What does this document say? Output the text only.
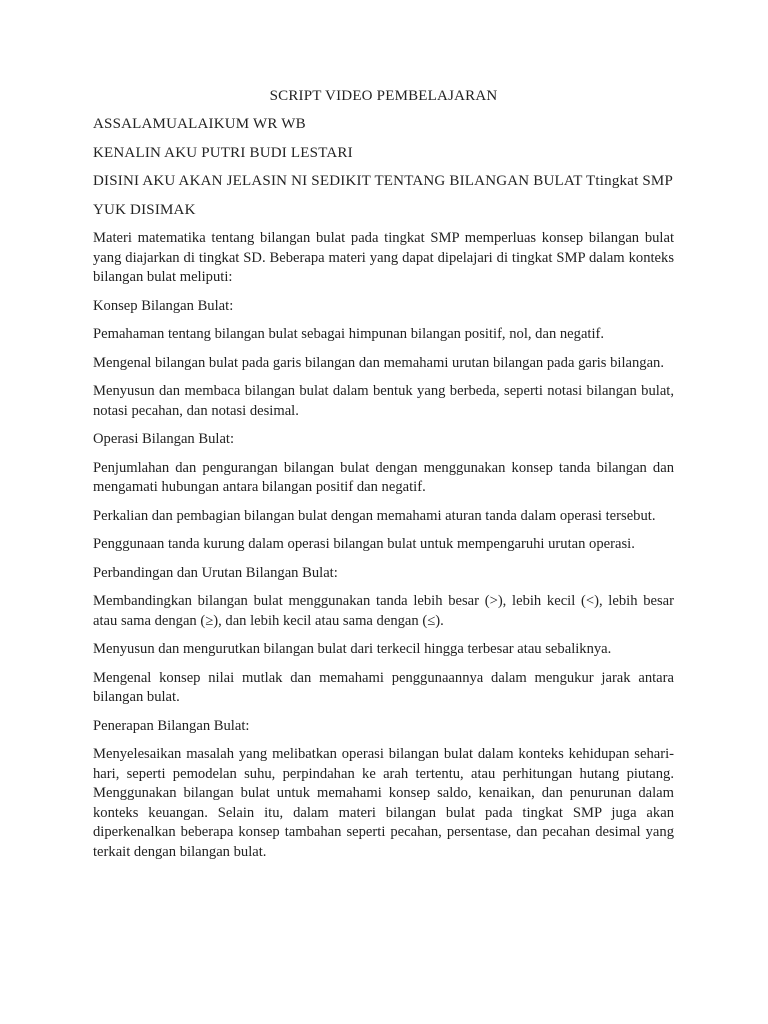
SCRIPT VIDEO PEMBELAJARAN

ASSALAMUALAIKUM WR WB

KENALIN AKU PUTRI BUDI LESTARI

DISINI AKU AKAN JELASIN NI SEDIKIT TENTANG BILANGAN BULAT Ttingkat SMP

YUK DISIMAK

Materi matematika tentang bilangan bulat pada tingkat SMP memperluas konsep bilangan bulat yang diajarkan di tingkat SD. Beberapa materi yang dapat dipelajari di tingkat SMP dalam konteks bilangan bulat meliputi:

Konsep Bilangan Bulat:

Pemahaman tentang bilangan bulat sebagai himpunan bilangan positif, nol, dan negatif.

Mengenal bilangan bulat pada garis bilangan dan memahami urutan bilangan pada garis bilangan.

Menyusun dan membaca bilangan bulat dalam bentuk yang berbeda, seperti notasi bilangan bulat, notasi pecahan, dan notasi desimal.

Operasi Bilangan Bulat:

Penjumlahan dan pengurangan bilangan bulat dengan menggunakan konsep tanda bilangan dan mengamati hubungan antara bilangan positif dan negatif.

Perkalian dan pembagian bilangan bulat dengan memahami aturan tanda dalam operasi tersebut.

Penggunaan tanda kurung dalam operasi bilangan bulat untuk mempengaruhi urutan operasi.

Perbandingan dan Urutan Bilangan Bulat:

Membandingkan bilangan bulat menggunakan tanda lebih besar (>), lebih kecil (<), lebih besar atau sama dengan (≥), dan lebih kecil atau sama dengan (≤).

Menyusun dan mengurutkan bilangan bulat dari terkecil hingga terbesar atau sebaliknya.

Mengenal konsep nilai mutlak dan memahami penggunaannya dalam mengukur jarak antara bilangan bulat.

Penerapan Bilangan Bulat:

Menyelesaikan masalah yang melibatkan operasi bilangan bulat dalam konteks kehidupan sehari-hari, seperti pemodelan suhu, perpindahan ke arah tertentu, atau perhitungan hutang piutang. Menggunakan bilangan bulat untuk memahami konsep saldo, kenaikan, dan penurunan dalam konteks keuangan. Selain itu, dalam materi bilangan bulat pada tingkat SMP juga akan diperkenalkan beberapa konsep tambahan seperti pecahan, persentase, dan pecahan desimal yang terkait dengan bilangan bulat.
